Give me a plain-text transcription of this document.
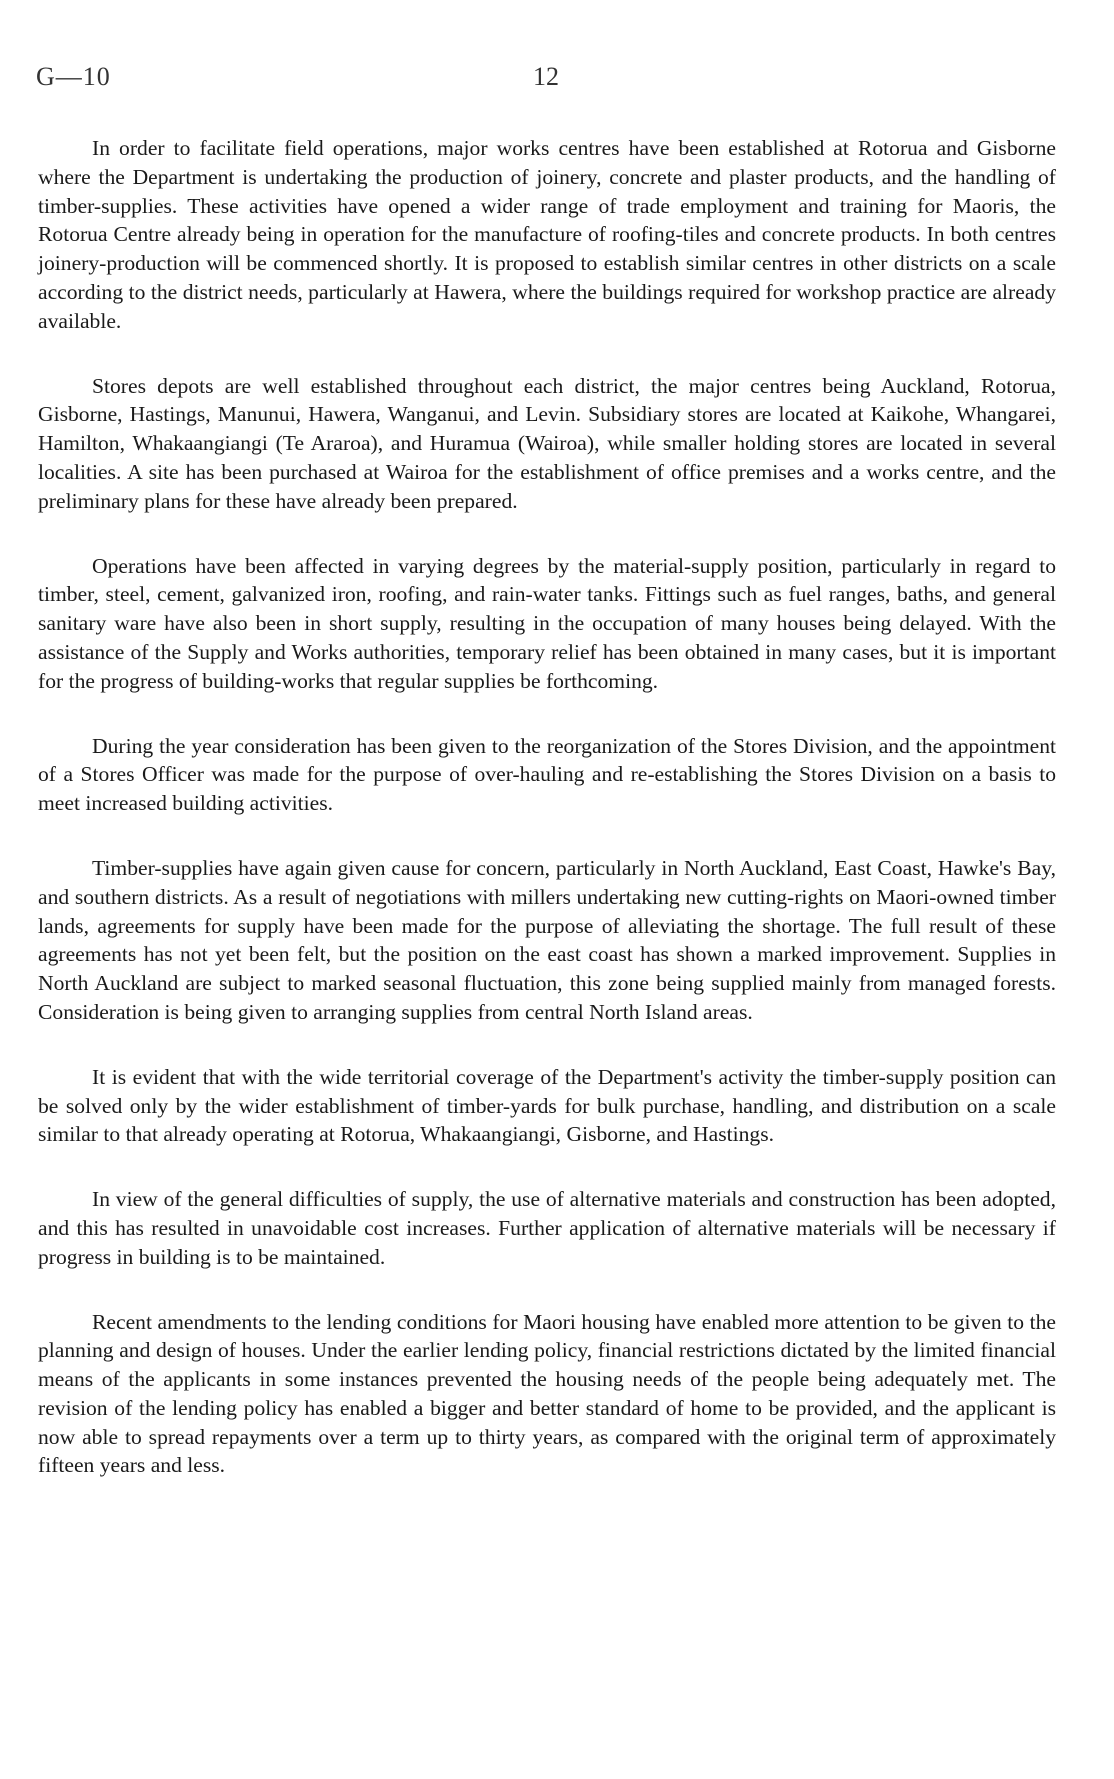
G—10	12

In order to facilitate field operations, major works centres have been established at Rotorua and Gisborne where the Department is undertaking the production of joinery, concrete and plaster products, and the handling of timber-supplies. These activities have opened a wider range of trade employment and training for Maoris, the Rotorua Centre already being in operation for the manufacture of roofing-tiles and concrete products. In both centres joinery-production will be commenced shortly. It is proposed to establish similar centres in other districts on a scale according to the district needs, particularly at Hawera, where the buildings required for workshop practice are already available.

Stores depots are well established throughout each district, the major centres being Auckland, Rotorua, Gisborne, Hastings, Manunui, Hawera, Wanganui, and Levin. Subsidiary stores are located at Kaikohe, Whangarei, Hamilton, Whakaangiangi (Te Araroa), and Huramua (Wairoa), while smaller holding stores are located in several localities. A site has been purchased at Wairoa for the establishment of office premises and a works centre, and the preliminary plans for these have already been prepared.

Operations have been affected in varying degrees by the material-supply position, particularly in regard to timber, steel, cement, galvanized iron, roofing, and rain-water tanks. Fittings such as fuel ranges, baths, and general sanitary ware have also been in short supply, resulting in the occupation of many houses being delayed. With the assistance of the Supply and Works authorities, temporary relief has been obtained in many cases, but it is important for the progress of building-works that regular supplies be forthcoming.

During the year consideration has been given to the reorganization of the Stores Division, and the appointment of a Stores Officer was made for the purpose of over-hauling and re-establishing the Stores Division on a basis to meet increased building activities.

Timber-supplies have again given cause for concern, particularly in North Auckland, East Coast, Hawke's Bay, and southern districts. As a result of negotiations with millers undertaking new cutting-rights on Maori-owned timber lands, agreements for supply have been made for the purpose of alleviating the shortage. The full result of these agreements has not yet been felt, but the position on the east coast has shown a marked improvement. Supplies in North Auckland are subject to marked seasonal fluctuation, this zone being supplied mainly from managed forests. Consideration is being given to arranging supplies from central North Island areas.

It is evident that with the wide territorial coverage of the Department's activity the timber-supply position can be solved only by the wider establishment of timber-yards for bulk purchase, handling, and distribution on a scale similar to that already operating at Rotorua, Whakaangiangi, Gisborne, and Hastings.

In view of the general difficulties of supply, the use of alternative materials and construction has been adopted, and this has resulted in unavoidable cost increases. Further application of alternative materials will be necessary if progress in building is to be maintained.

Recent amendments to the lending conditions for Maori housing have enabled more attention to be given to the planning and design of houses. Under the earlier lending policy, financial restrictions dictated by the limited financial means of the applicants in some instances prevented the housing needs of the people being adequately met. The revision of the lending policy has enabled a bigger and better standard of home to be provided, and the applicant is now able to spread repayments over a term up to thirty years, as compared with the original term of approximately fifteen years and less.
